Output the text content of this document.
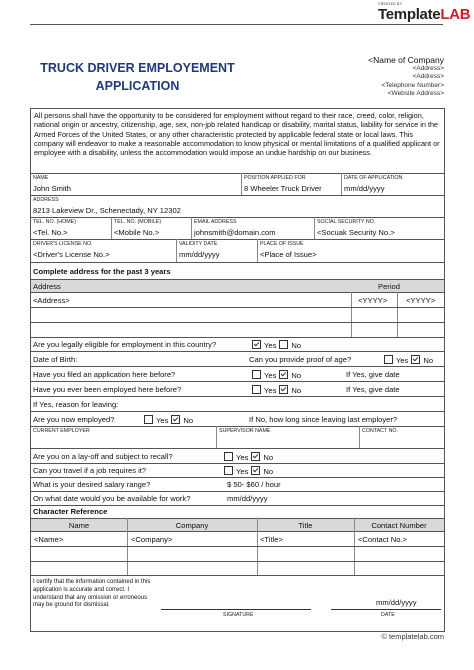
CREATED BY
TemplateLAB
TRUCK DRIVER EMPLOYEMENT APPLICATION
<Name of Company
<Address>
<Address>
<Telephone Number>
<Website Address>
All persons shall have the opportunity to be considered for employment without regard to their race, creed, color, religion, national origin or ancestry, citizenship, age, sex, non-jpb related handicap or disability, marital status, liability for service in the Armed Forces of the United States, or any other characteristic protected by applicable federal state or local laws. This company will endeavor to make a reasonable accommodation to know physical or mental limitations of a qualified applicant or employee with a disability, unless the accommodation would impose an undue hardship on our business.
NAME
John Smith
POSITION APPLIED FOR
8 Wheeler Truck Driver
DATE OF APPLICATION
mm/dd/yyyy
ADDRESS
8213 Lakeview Dr., Schenectady, NY 12302
TEL. NO. (HOME)
<Tel. No.>
TEL. NO. (MOBILE)
<Mobile No.>
EMAIL ADDRESS
johnsmith@domain.com
SOCIAL SECURITY NO.
<Socuak Security No.>
DRIVER'S LICENSE NO.
<Driver's License No.>
VALIDITY DATE
mm/dd/yyyy
PLACE OF ISSUE
<Place of Issue>
Complete address for the past 3 years
Address	Period
<Address>	<YYYY> <YYYY>
Are you legally eligible for employment in this country?	Yes No
Date of Birth:	Can you provide proof of age?	Yes No
Have you filed an application here before?	Yes No	If Yes, give date
Have you ever been employed here before?	Yes No	If Yes, give date
If Yes, reason for leaving:
Are you now employed?	Yes No	If No, how long since leaving last employer?
CURRENT EMPLOYER	SUPERVISOR NAME	CONTACT NO.
Are you on a lay-off and subject to recall?	Yes No
Can you travel if a job requires it?	Yes No
What is your desired salary range?	$ 50- $60 / hour
On what date would you be available for work?	mm/dd/yyyy
Character Reference
Name	Company	Title	Contact Number
<Name>	<Company>	<Title>	<Contact No.>
I certify that the information contained in this application is accurate and correct. I understand that any omission or erroneous may be ground for dismissal.	mm/dd/yyyy
SIGNATURE	DATE
© templatelab.com
